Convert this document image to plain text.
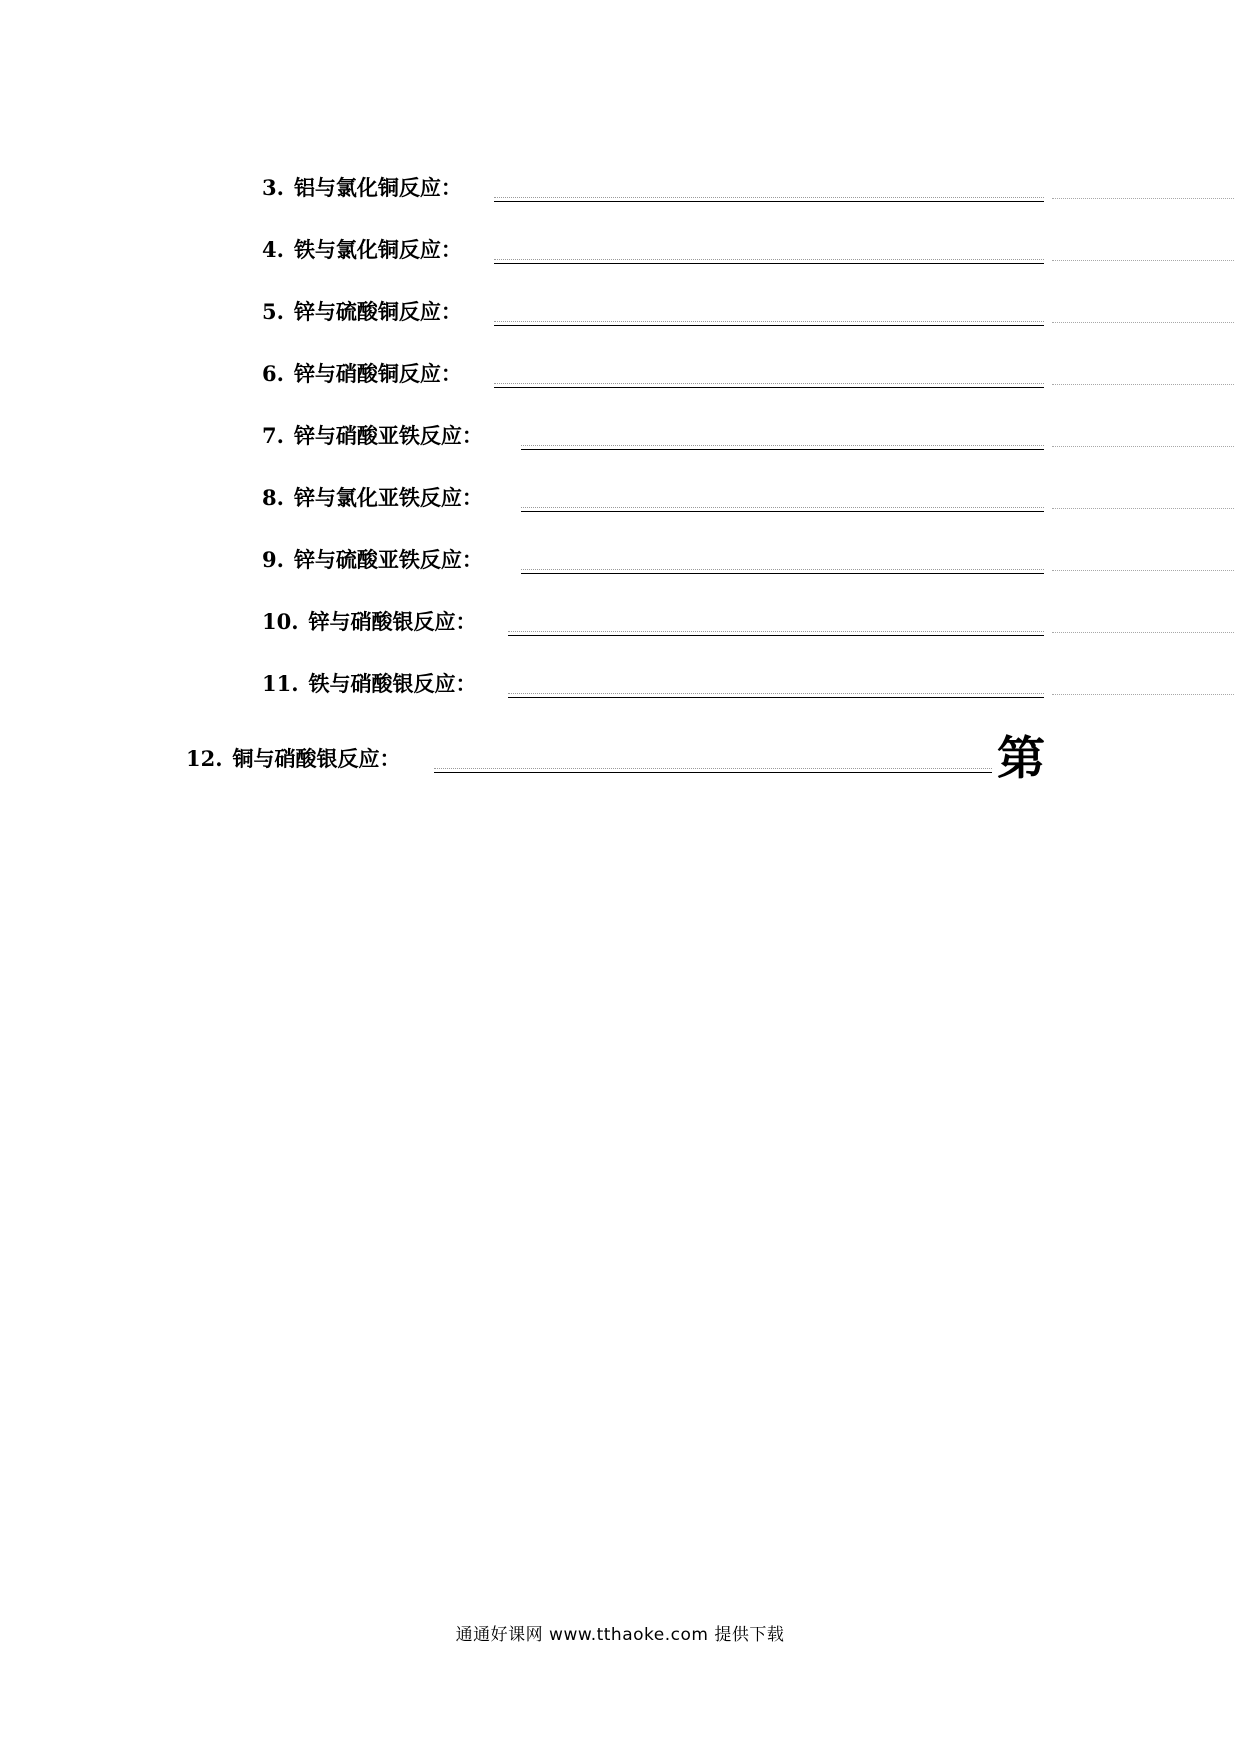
3. 铝与氯化铜反应：
4. 铁与氯化铜反应：
5. 锌与硫酸铜反应：
6. 锌与硝酸铜反应：
7. 锌与硝酸亚铁反应：
8. 锌与氯化亚铁反应：
9. 锌与硫酸亚铁反应：
10. 锌与硝酸银反应：
11. 铁与硝酸银反应：
12. 铜与硝酸银反应：	第
通通好课网 www.tthaoke.com 提供下载
